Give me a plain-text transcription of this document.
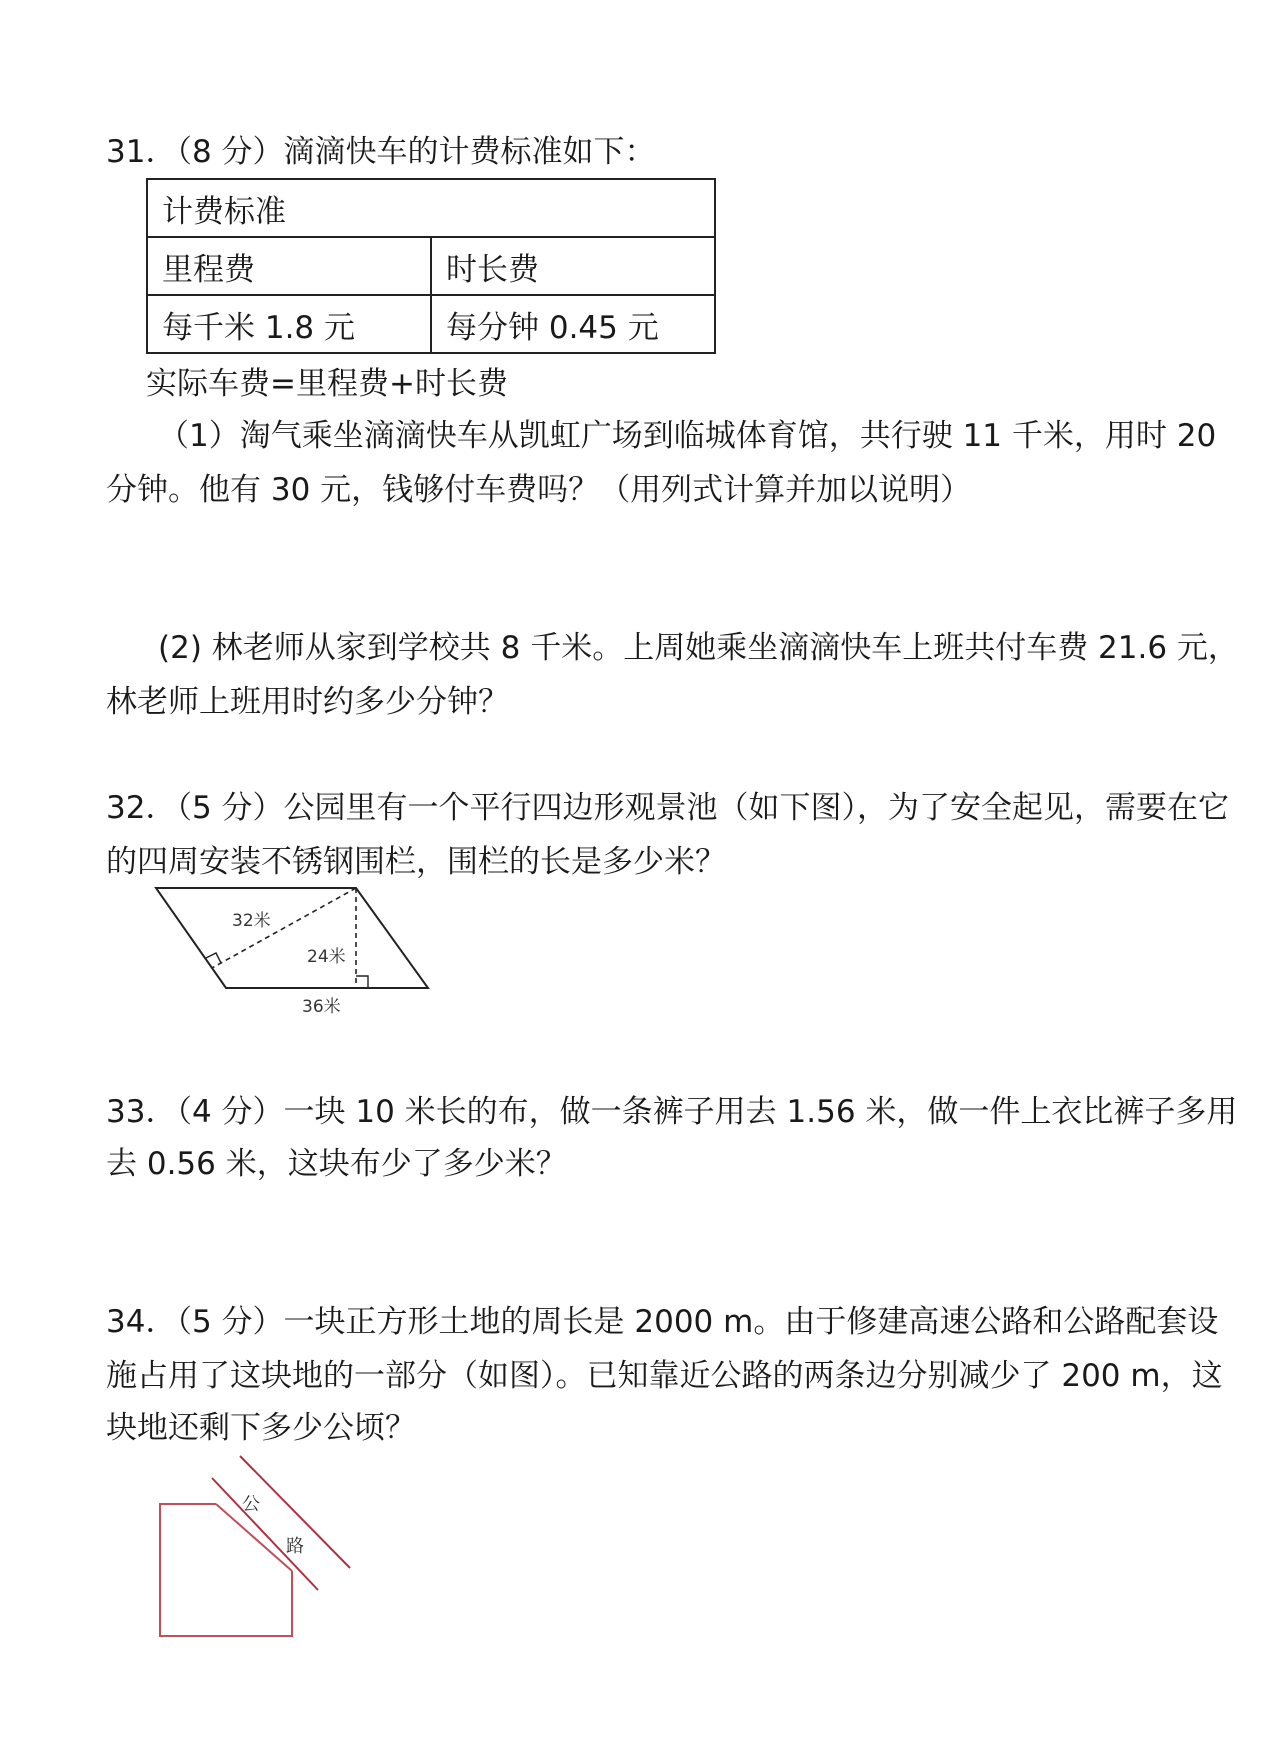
31．（8 分）滴滴快车的计费标准如下：
计费标准	
里程费	时长费
每千米 1.8 元	每分钟 0.45 元
实际车费=里程费+时长费
（1）淘气乘坐滴滴快车从凯虹广场到临城体育馆，共行驶 11 千米，用时 20
分钟。他有 30 元，钱够付车费吗？（用列式计算并加以说明）
(2) 林老师从家到学校共 8 千米。上周她乘坐滴滴快车上班共付车费 21.6 元，
林老师上班用时约多少分钟？
32．（5 分）公园里有一个平行四边形观景池（如下图），为了安全起见，需要在它
的四周安装不锈钢围栏，围栏的长是多少米？
32米
24米
36米
33．（4 分）一块 10 米长的布，做一条裤子用去 1.56 米，做一件上衣比裤子多用
去 0.56 米，这块布少了多少米？
34．（5 分）一块正方形土地的周长是 2000 m。由于修建高速公路和公路配套设
施占用了这块地的一部分（如图）。已知靠近公路的两条边分别减少了 200 m，这
块地还剩下多少公顷？
公
路
